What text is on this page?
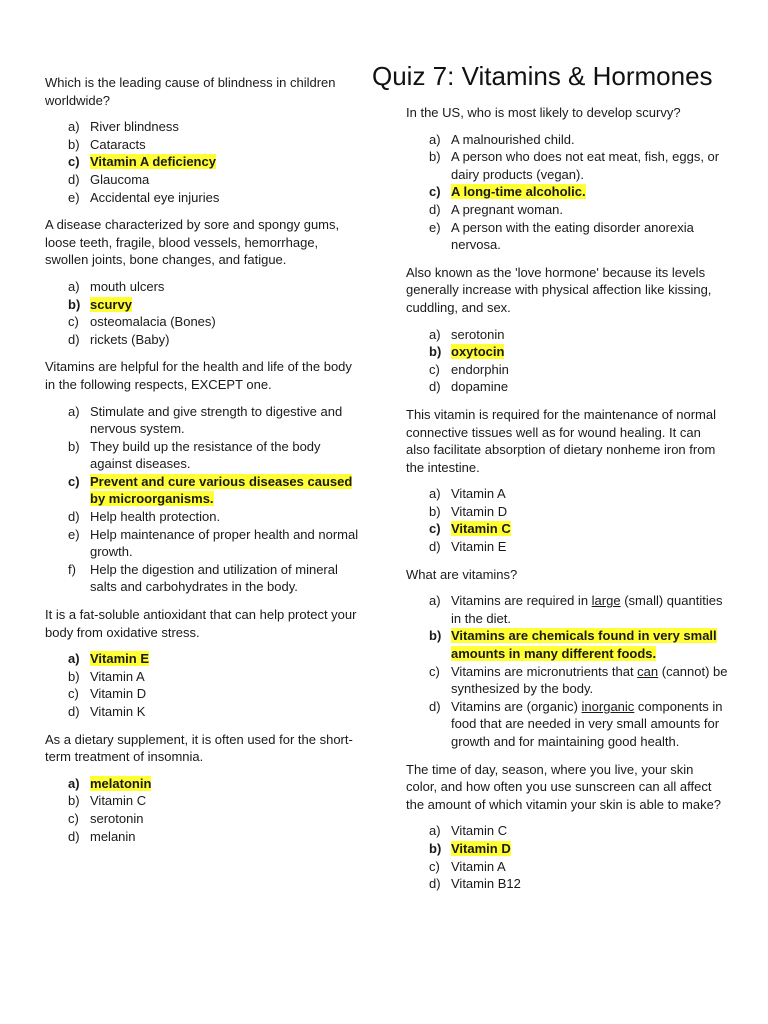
Quiz 7: Vitamins & Hormones

Which is the leading cause of blindness in children worldwide?

a) River blindness
b) Cataracts
c) Vitamin A deficiency
d) Glaucoma
e) Accidental eye injuries

A disease characterized by sore and spongy gums, loose teeth, fragile, blood vessels, hemorrhage, swollen joints, bone changes, and fatigue.

a) mouth ulcers
b) scurvy
c) osteomalacia (Bones)
d) rickets (Baby)

Vitamins are helpful for the health and life of the body in the following respects, EXCEPT one.

a) Stimulate and give strength to digestive and nervous system.
b) They build up the resistance of the body against diseases.
c) Prevent and cure various diseases caused by microorganisms.
d) Help health protection.
e) Help maintenance of proper health and normal growth.
f)	Help the digestion and utilization of mineral salts and carbohydrates in the body.

It is a fat-soluble antioxidant that can help protect your body from oxidative stress.

a) Vitamin E
b) Vitamin A
c) Vitamin D
d) Vitamin K

As a dietary supplement, it is often used for the short-term treatment of insomnia.

a) melatonin
b) Vitamin C
c) serotonin
d) melanin

In the US, who is most likely to develop scurvy?

a) A malnourished child.
b) A person who does not eat meat, fish, eggs, or dairy products (vegan).
c) A long-time alcoholic.
d) A pregnant woman.
e) A person with the eating disorder anorexia nervosa.

Also known as the 'love hormone' because its levels generally increase with physical affection like kissing, cuddling, and sex.

a) serotonin
b) oxytocin
c) endorphin
d) dopamine

This vitamin is required for the maintenance of normal connective tissues well as for wound healing. It can also facilitate absorption of dietary nonheme iron from the intestine.

a) Vitamin A
b) Vitamin D
c) Vitamin C
d) Vitamin E

What are vitamins?

a) Vitamins are required in large (small) quantities in the diet.
b) Vitamins are chemicals found in very small amounts in many different foods.
c) Vitamins are micronutrients that can (cannot) be synthesized by the body.
d) Vitamins are (organic) inorganic components in food that are needed in very small amounts for growth and for maintaining good health.

The time of day, season, where you live, your skin color, and how often you use sunscreen can all affect the amount of which vitamin your skin is able to make?

a) Vitamin C
b) Vitamin D
c) Vitamin A
d) Vitamin B12
